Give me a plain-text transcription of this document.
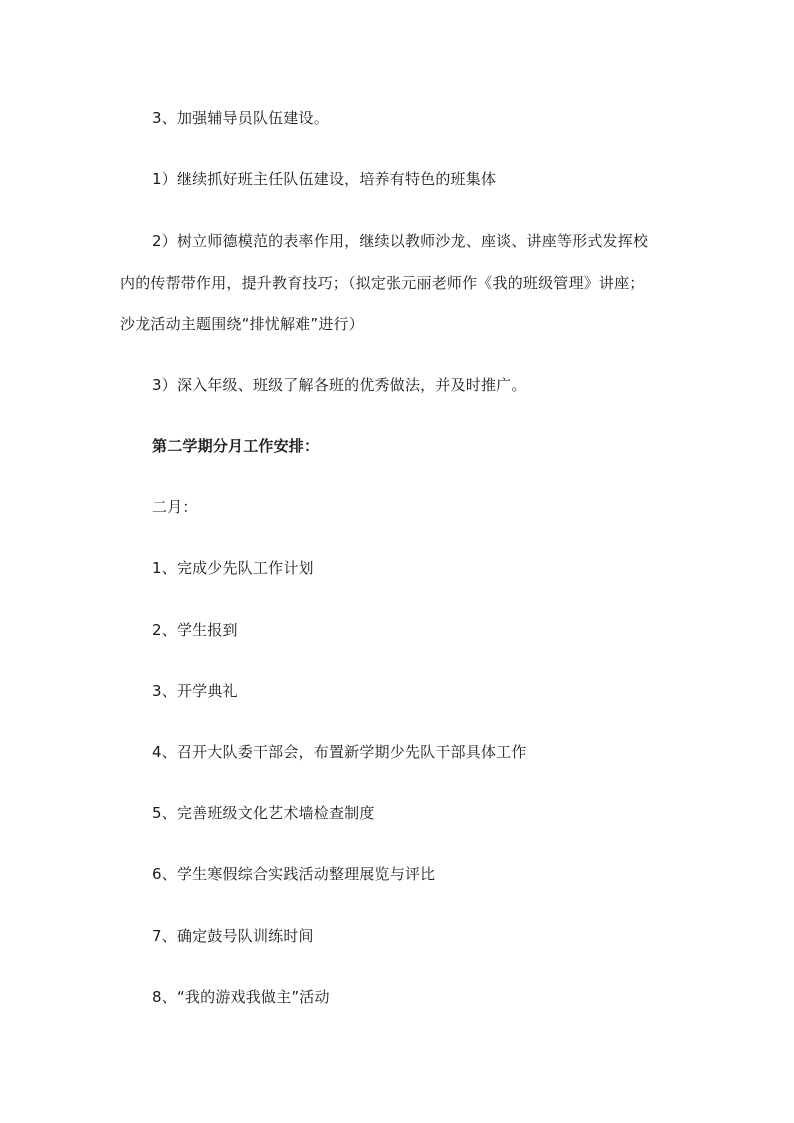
3、加强辅导员队伍建设。
1）继续抓好班主任队伍建设，培养有特色的班集体
2）树立师德模范的表率作用，继续以教师沙龙、座谈、讲座等形式发挥校
内的传帮带作用，提升教育技巧；（拟定张元丽老师作《我的班级管理》讲座；
沙龙活动主题围绕“排忧解难”进行）
3）深入年级、班级了解各班的优秀做法，并及时推广。
第二学期分月工作安排：
二月：
1、完成少先队工作计划
2、学生报到
3、开学典礼
4、召开大队委干部会，布置新学期少先队干部具体工作
5、完善班级文化艺术墙检查制度
6、学生寒假综合实践活动整理展览与评比
7、确定鼓号队训练时间
8、“我的游戏我做主”活动
